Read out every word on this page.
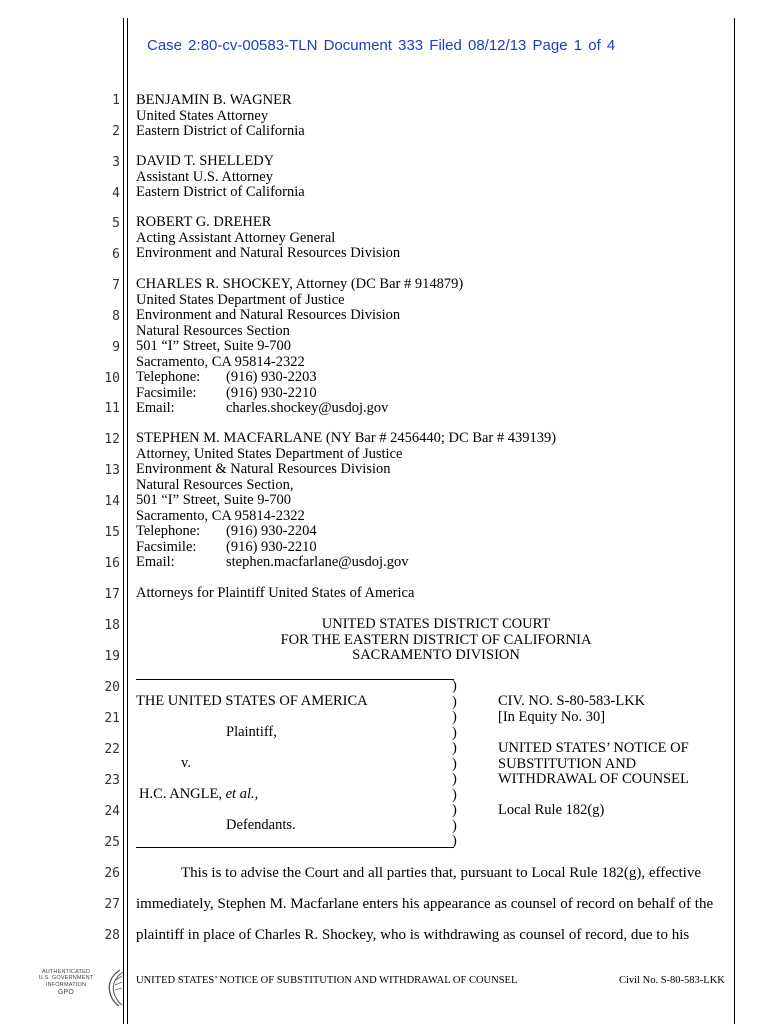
Case 2:80-cv-00583-TLN Document 333 Filed 08/12/13 Page 1 of 4
1
2
3
4
5
6
7
8
9
10
11
12
13
14
15
16
17
18
19
20
21
22
23
24
25
26
27
28
BENJAMIN B. WAGNER
United States Attorney
Eastern District of California
DAVID T. SHELLEDY
Assistant U.S. Attorney
Eastern District of California
ROBERT G. DREHER
Acting Assistant Attorney General
Environment and Natural Resources Division
CHARLES R. SHOCKEY, Attorney (DC Bar # 914879)
United States Department of Justice
Environment and Natural Resources Division
Natural Resources Section
501 “I” Street, Suite 9-700
Sacramento, CA 95814-2322
Telephone: (916) 930-2203
Facsimile: (916) 930-2210
Email:	charles.shockey@usdoj.gov
STEPHEN M. MACFARLANE (NY Bar # 2456440; DC Bar # 439139)
Attorney, United States Department of Justice
Environment & Natural Resources Division
Natural Resources Section,
501 “I” Street, Suite 9-700
Sacramento, CA 95814-2322
Telephone: (916) 930-2204
Facsimile: (916) 930-2210
Email:	stephen.macfarlane@usdoj.gov
Attorneys for Plaintiff United States of America
UNITED STATES DISTRICT COURT
FOR THE EASTERN DISTRICT OF CALIFORNIA
SACRAMENTO DIVISION
THE UNITED STATES OF AMERICA
Plaintiff,
v.
H.C. ANGLE, et al.,
Defendants.
)
)
)
)
)
)
)
)
)
)
)
CIV. NO. S-80-583-LKK
[In Equity No. 30]
UNITED STATES’ NOTICE OF
SUBSTITUTION AND
WITHDRAWAL OF COUNSEL
Local Rule 182(g)
This is to advise the Court and all parties that, pursuant to Local Rule 182(g), effective
immediately, Stephen M. Macfarlane enters his appearance as counsel of record on behalf of the
plaintiff in place of Charles R. Shockey, who is withdrawing as counsel of record, due to his
UNITED STATES’ NOTICE OF SUBSTITUTION AND WITHDRAWAL OF COUNSEL	Civil No. S-80-583-LKK
AUTHENTICATED
U.S. GOVERNMENT
INFORMATION
GPO
